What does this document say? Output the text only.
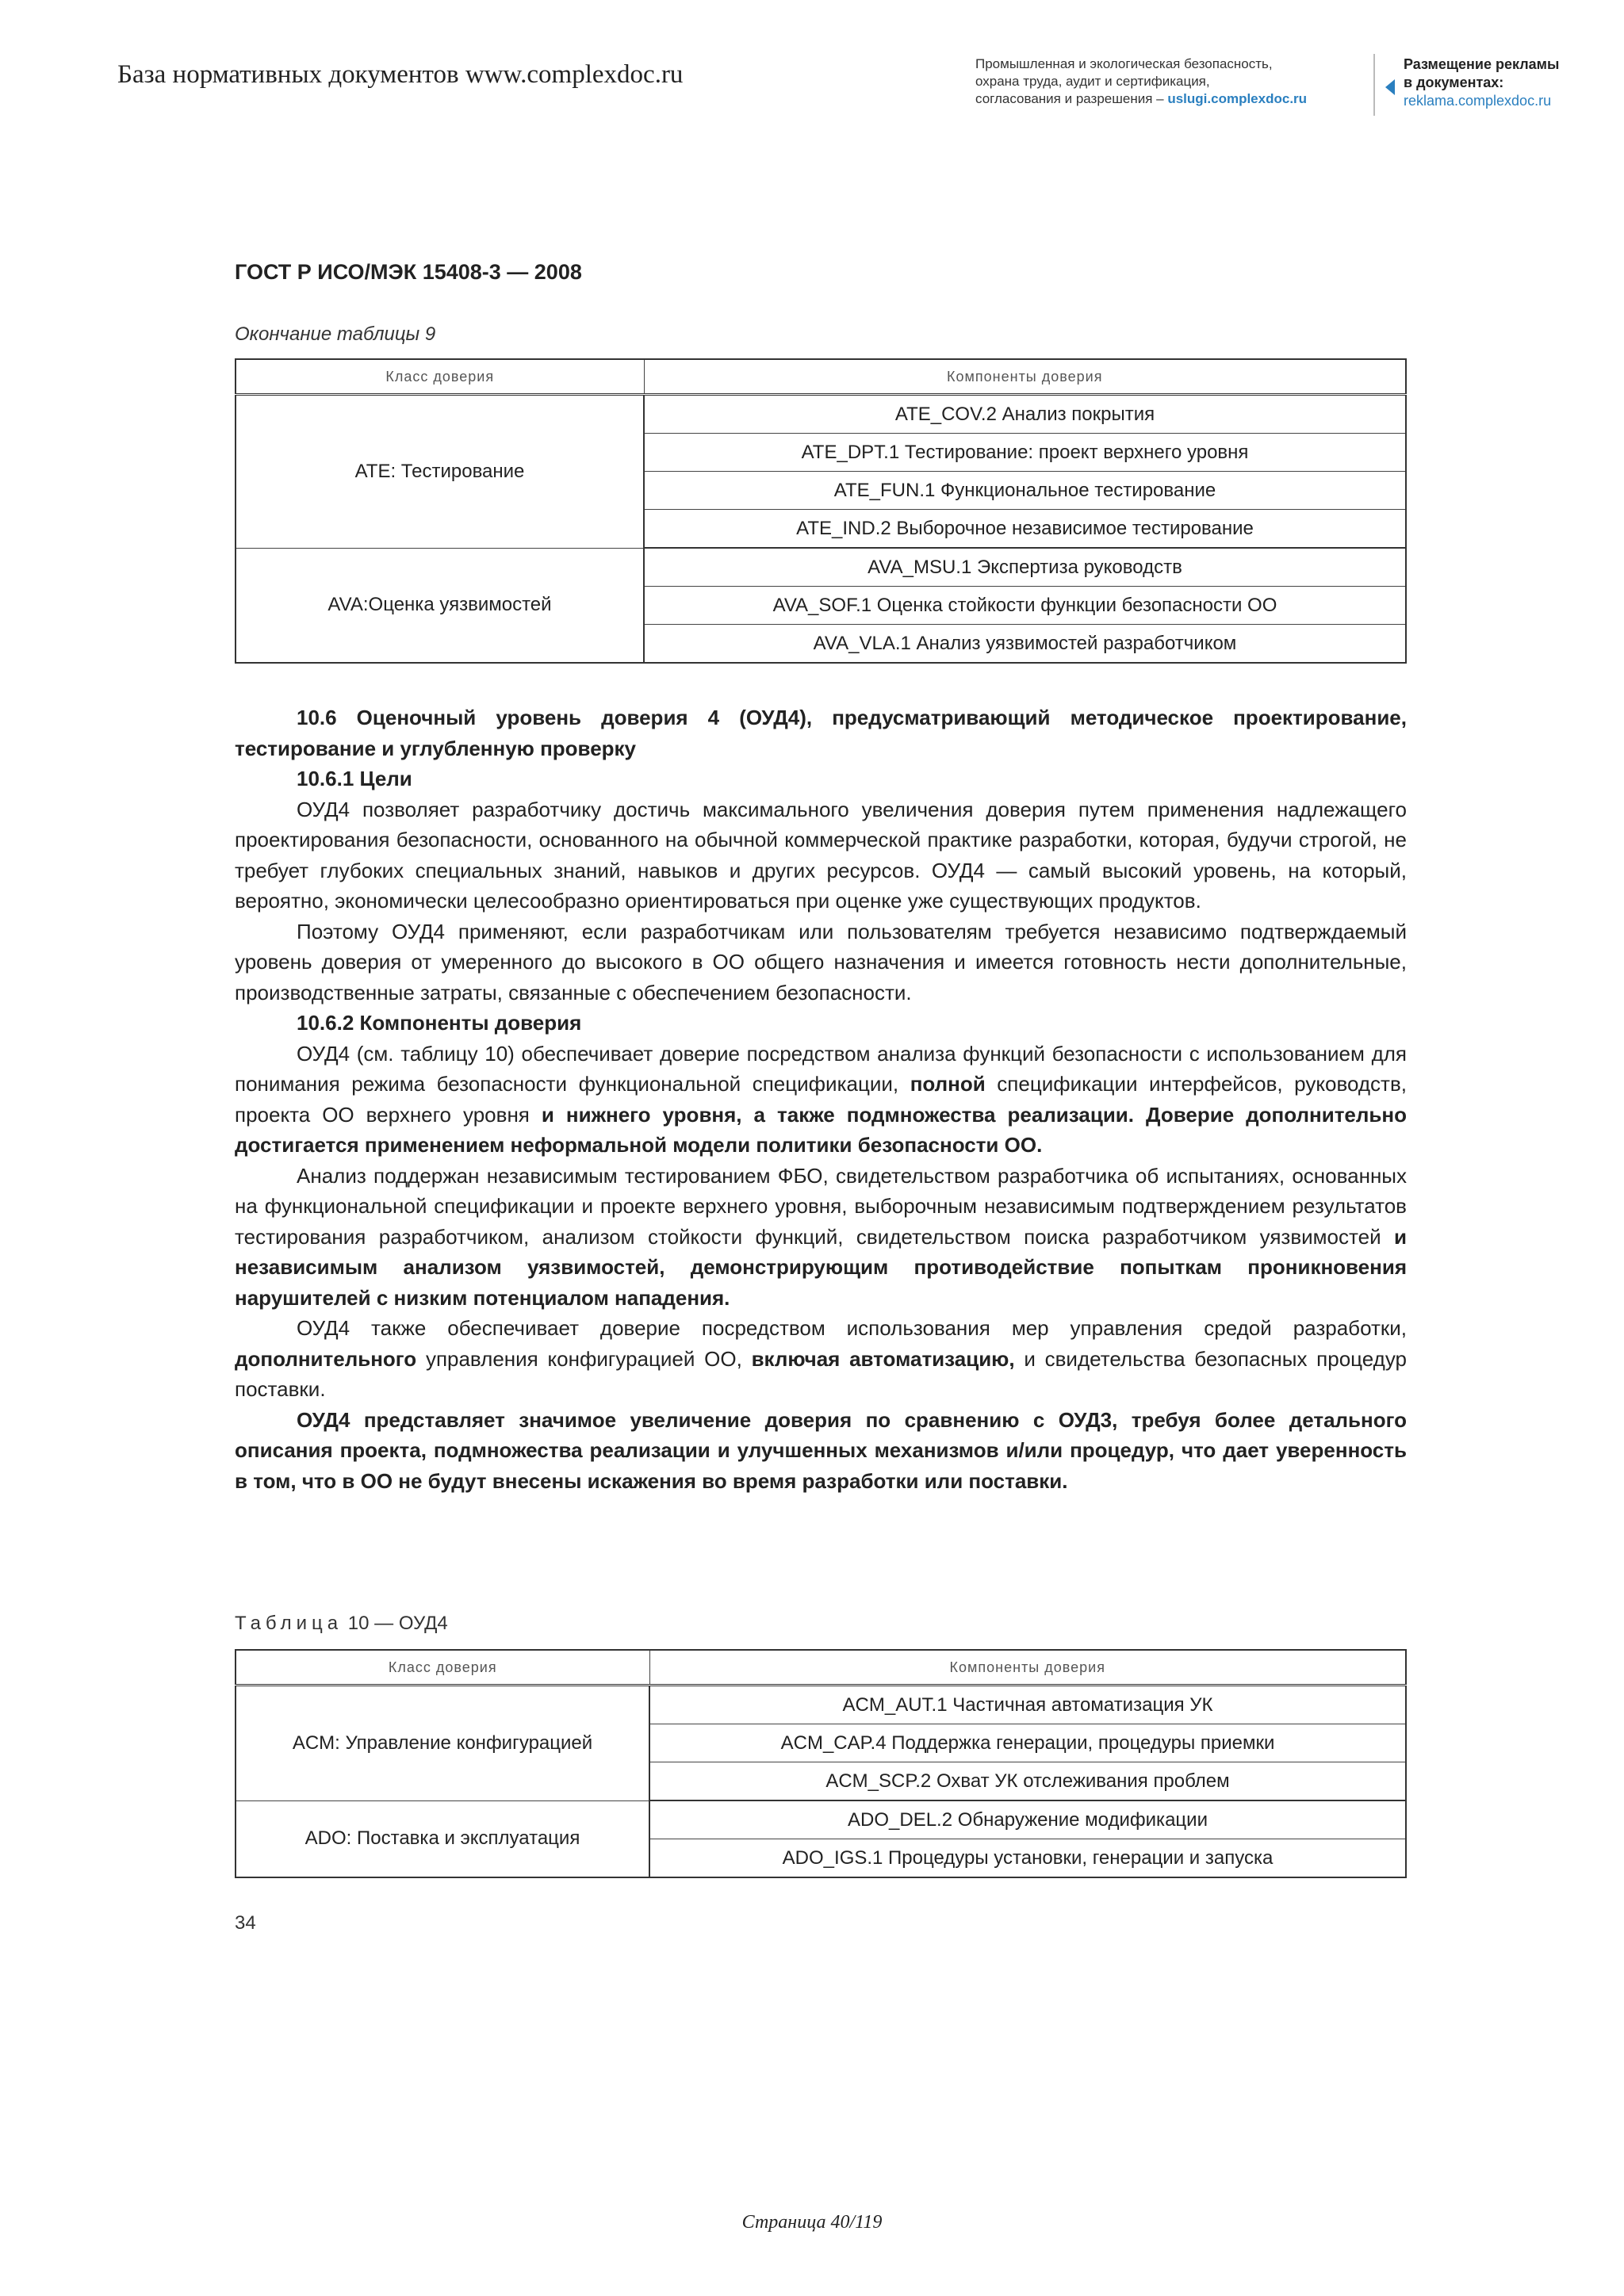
База нормативных документов www.complexdoc.ru	Промышленная и экологическая безопасность,
охрана труда, аудит и сертификация,
согласования и разрешения – uslugi.complexdoc.ru
Размещение рекламы
в документах:
reklama.complexdoc.ru
ГОСТ Р ИСО/МЭК 15408-3 — 2008
Окончание таблицы 9
Класс доверия	Компоненты доверия
ATE: Тестирование	ATE_COV.2 Анализ покрытия
	ATE_DPT.1 Тестирование: проект верхнего уровня
	ATE_FUN.1 Функциональное тестирование
	ATE_IND.2 Выборочное независимое тестирование
AVA:Оценка уязвимостей	AVA_MSU.1 Экспертиза руководств
	AVA_SOF.1 Оценка стойкости функции безопасности ОО
	AVA_VLA.1 Анализ уязвимостей разработчиком

10.6 Оценочный уровень доверия 4 (ОУД4), предусматривающий методическое проектирование, тестирование и углубленную проверку

10.6.1 Цели

ОУД4 позволяет разработчику достичь максимального увеличения доверия путем применения надлежащего проектирования безопасности, основанного на обычной коммерческой практике разработки, которая, будучи строгой, не требует глубоких специальных знаний, навыков и других ресурсов. ОУД4 — самый высокий уровень, на который, вероятно, экономически целесообразно ориентироваться при оценке уже существующих продуктов.

Поэтому ОУД4 применяют, если разработчикам или пользователям требуется независимо подтверждаемый уровень доверия от умеренного до высокого в ОО общего назначения и имеется готовность нести дополнительные, производственные затраты, связанные с обеспечением безопасности.

10.6.2 Компоненты доверия

ОУД4 (см. таблицу 10) обеспечивает доверие посредством анализа функций безопасности с использованием для понимания режима безопасности функциональной спецификации, полной спецификации интерфейсов, руководств, проекта ОО верхнего уровня и нижнего уровня, а также подмножества реализации. Доверие дополнительно достигается применением неформальной модели политики безопасности ОО.

Анализ поддержан независимым тестированием ФБО, свидетельством разработчика об испытаниях, основанных на функциональной спецификации и проекте верхнего уровня, выборочным независимым подтверждением результатов тестирования разработчиком, анализом стойкости функций, свидетельством поиска разработчиком уязвимостей и независимым анализом уязвимостей, демонстрирующим противодействие попыткам проникновения нарушителей с низким потенциалом нападения.

ОУД4 также обеспечивает доверие посредством использования мер управления средой разработки, дополнительного управления конфигурацией ОО, включая автоматизацию, и свидетельства безопасных процедур поставки.

ОУД4 представляет значимое увеличение доверия по сравнению с ОУД3, требуя более детального описания проекта, подмножества реализации и улучшенных механизмов и/или процедур, что дает уверенность в том, что в ОО не будут внесены искажения во время разработки или поставки.

Таблица 10 — ОУД4
Класс доверия	Компоненты доверия
ACM: Управление конфигурацией	ACM_AUT.1 Частичная автоматизация УК
	ACM_CAP.4 Поддержка генерации, процедуры приемки
	ACM_SCP.2 Охват УК отслеживания проблем
ADO: Поставка и эксплуатация	ADO_DEL.2 Обнаружение модификации
	ADO_IGS.1 Процедуры установки, генерации и запуска
34
Страница 40/119
